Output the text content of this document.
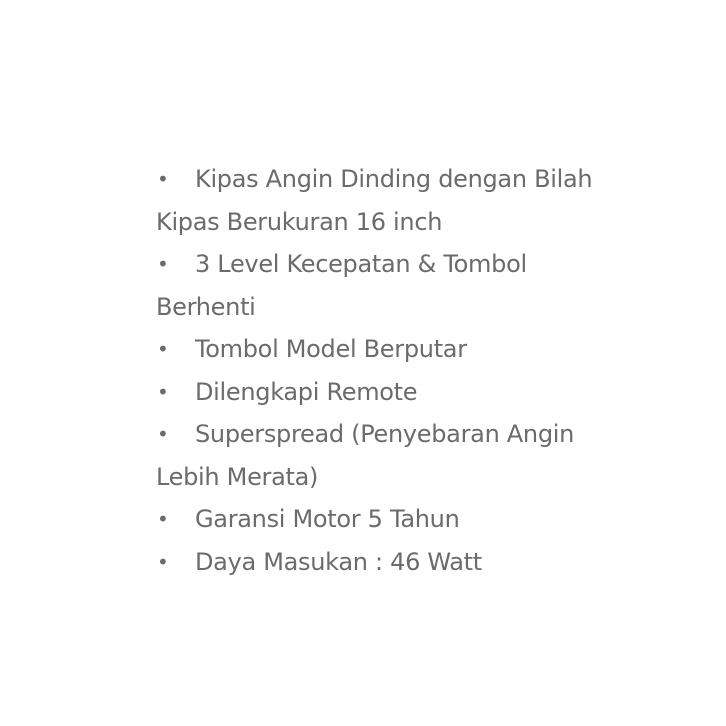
• Kipas Angin Dinding dengan Bilah Kipas Berukuran 16 inch
• 3 Level Kecepatan & Tombol Berhenti
• Tombol Model Berputar
• Dilengkapi Remote
• Superspread (Penyebaran Angin Lebih Merata)
• Garansi Motor 5 Tahun
• Daya Masukan : 46 Watt
